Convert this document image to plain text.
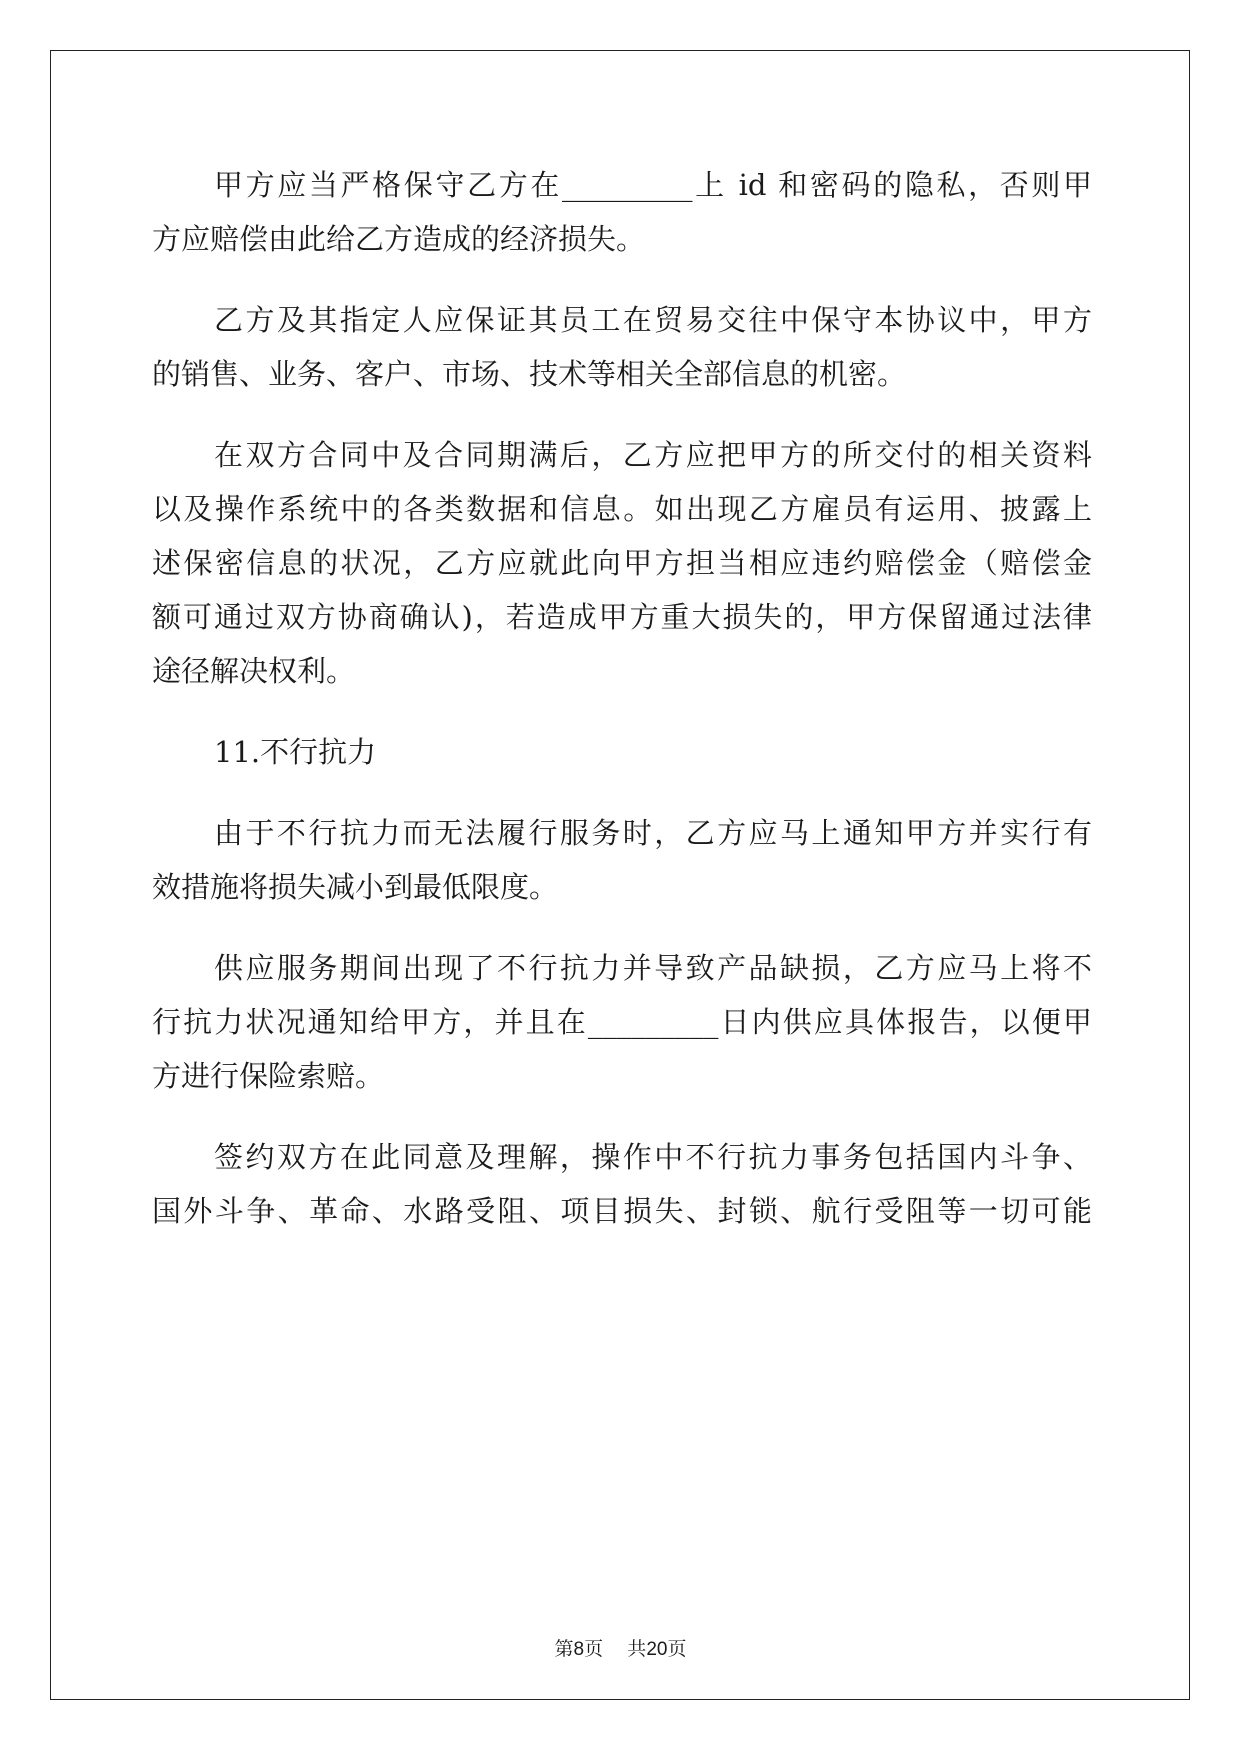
甲方应当严格保守乙方在_________上 id 和密码的隐私，否则甲
方应赔偿由此给乙方造成的经济损失。
乙方及其指定人应保证其员工在贸易交往中保守本协议中，甲方
的销售、业务、客户、市场、技术等相关全部信息的机密。
在双方合同中及合同期满后，乙方应把甲方的所交付的相关资料
以及操作系统中的各类数据和信息。如出现乙方雇员有运用、披露上
述保密信息的状况，乙方应就此向甲方担当相应违约赔偿金（赔偿金
额可通过双方协商确认)，若造成甲方重大损失的，甲方保留通过法律
途径解决权利。
11.不行抗力
由于不行抗力而无法履行服务时，乙方应马上通知甲方并实行有
效措施将损失减小到最低限度。
供应服务期间出现了不行抗力并导致产品缺损，乙方应马上将不
行抗力状况通知给甲方，并且在_________日内供应具体报告，以便甲
方进行保险索赔。
签约双方在此同意及理解，操作中不行抗力事务包括国内斗争、
国外斗争、革命、水路受阻、项目损失、封锁、航行受阻等一切可能
第8页 共20页
